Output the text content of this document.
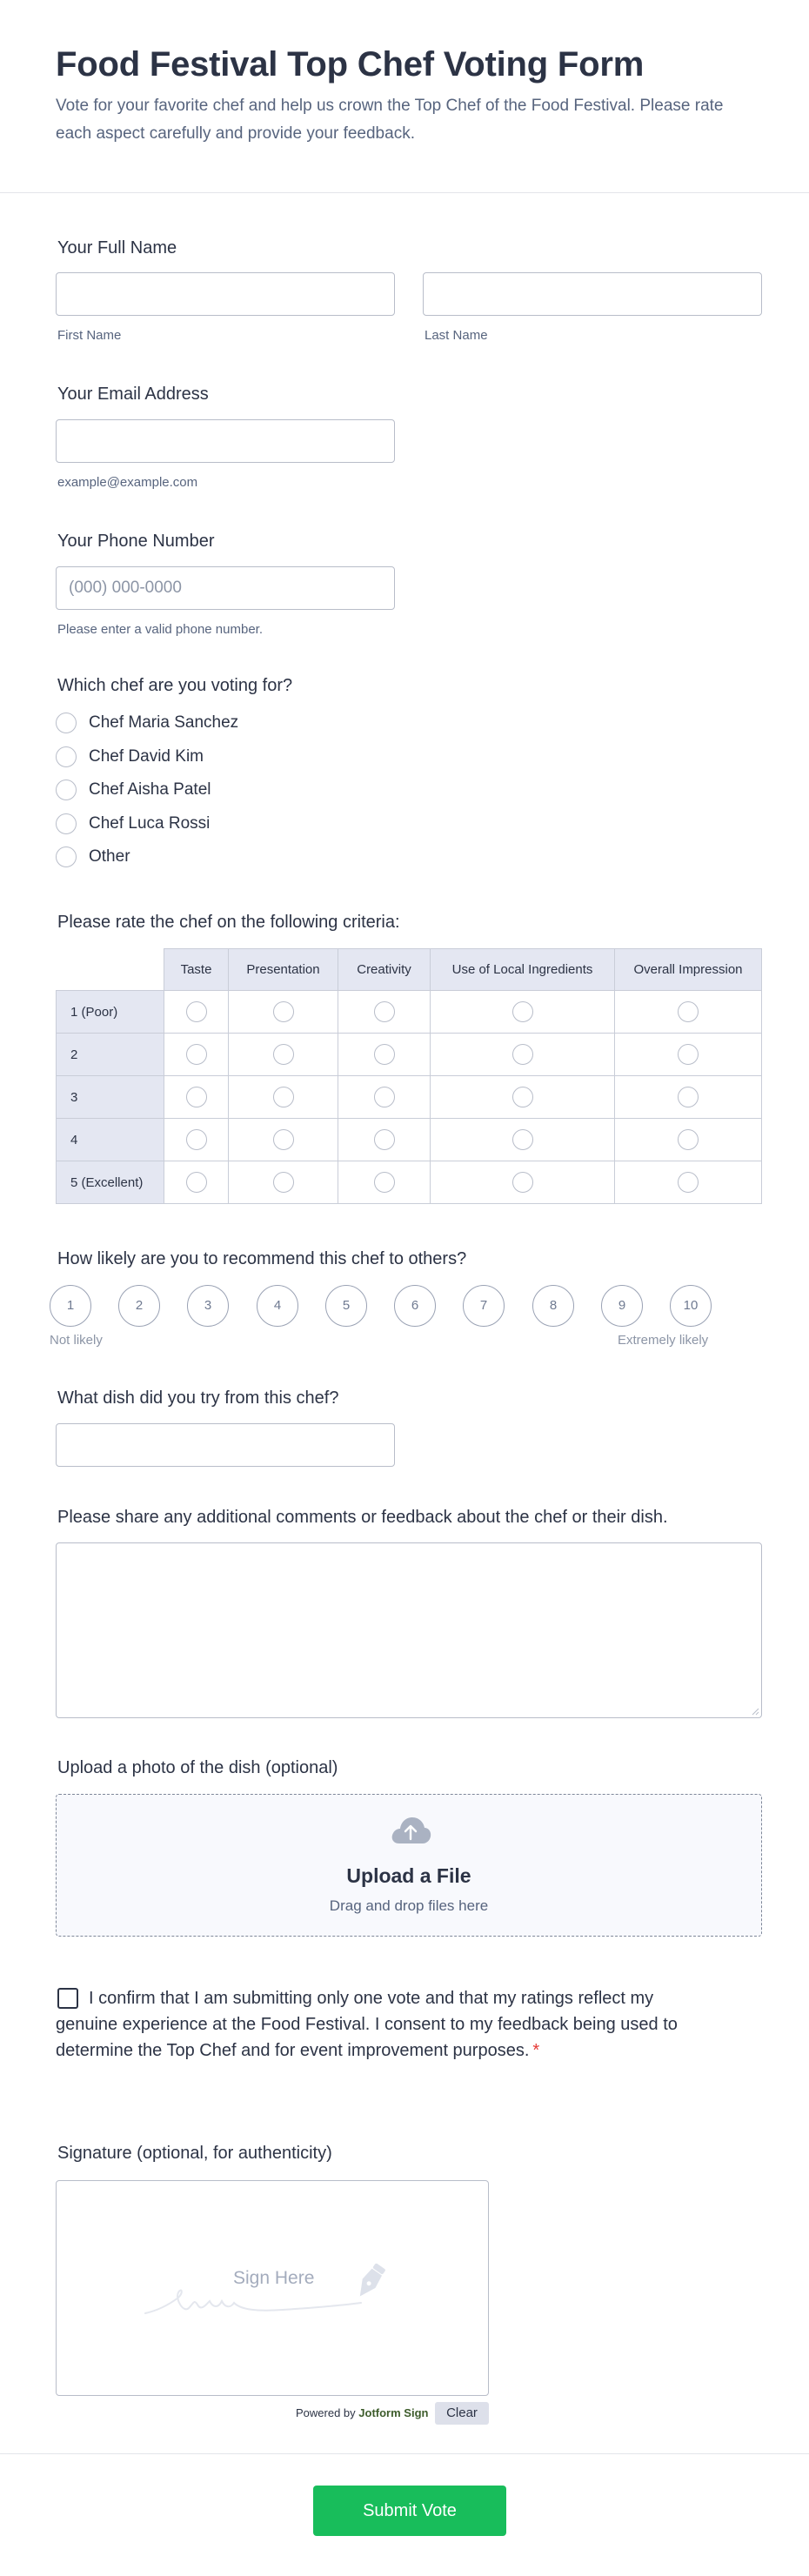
Food Festival Top Chef Voting Form

Vote for your favorite chef and help us crown the Top Chef of the Food Festival. Please rate each aspect carefully and provide your feedback.

Your Full Name
First Name	Last Name
Your Email Address
example@example.com
Your Phone Number
(000) 000-0000
Please enter a valid phone number.
Which chef are you voting for?
Chef Maria Sanchez
Chef David Kim
Chef Aisha Patel
Chef Luca Rossi
Other
Please rate the chef on the following criteria:
	Taste	Presentation	Creativity	Use of Local Ingredients	Overall Impression
1 (Poor)					
2					
3					
4					
5 (Excellent)					
How likely are you to recommend this chef to others?
1	2	3	4	5	6	7	8	9	10
Not likely	Extremely likely
What dish did you try from this chef?
Please share any additional comments or feedback about the chef or their dish.
Upload a photo of the dish (optional)
Upload a File
Drag and drop files here

I confirm that I am submitting only one vote and that my ratings reflect my genuine experience at the Food Festival. I consent to my feedback being used to determine the Top Chef and for event improvement purposes. *

Signature (optional, for authenticity)
Sign Here
Powered by Jotform Sign	Clear
Submit Vote
